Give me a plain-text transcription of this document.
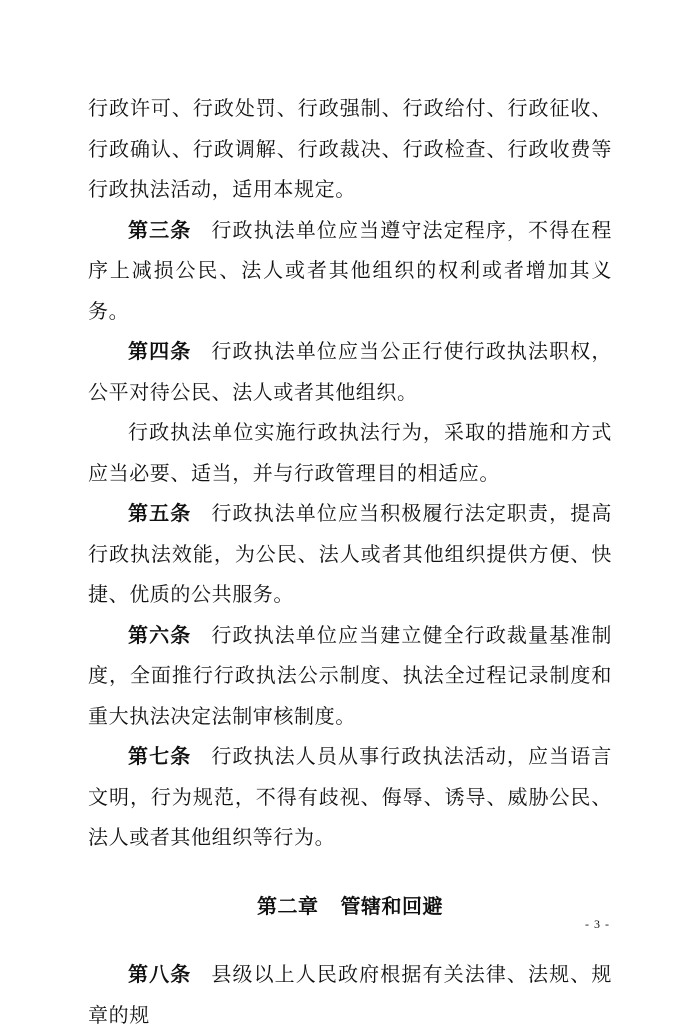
行政许可、行政处罚、行政强制、行政给付、行政征收、行政确认、行政调解、行政裁决、行政检查、行政收费等行政执法活动，适用本规定。

第三条 行政执法单位应当遵守法定程序，不得在程序上减损公民、法人或者其他组织的权利或者增加其义务。

第四条 行政执法单位应当公正行使行政执法职权，公平对待公民、法人或者其他组织。

行政执法单位实施行政执法行为，采取的措施和方式应当必要、适当，并与行政管理目的相适应。

第五条 行政执法单位应当积极履行法定职责，提高行政执法效能，为公民、法人或者其他组织提供方便、快捷、优质的公共服务。

第六条 行政执法单位应当建立健全行政裁量基准制度，全面推行行政执法公示制度、执法全过程记录制度和重大执法决定法制审核制度。

第七条 行政执法人员从事行政执法活动，应当语言文明，行为规范，不得有歧视、侮辱、诱导、威胁公民、法人或者其他组织等行为。

第二章 管辖和回避

第八条 县级以上人民政府根据有关法律、法规、规章的规

- 3 -
